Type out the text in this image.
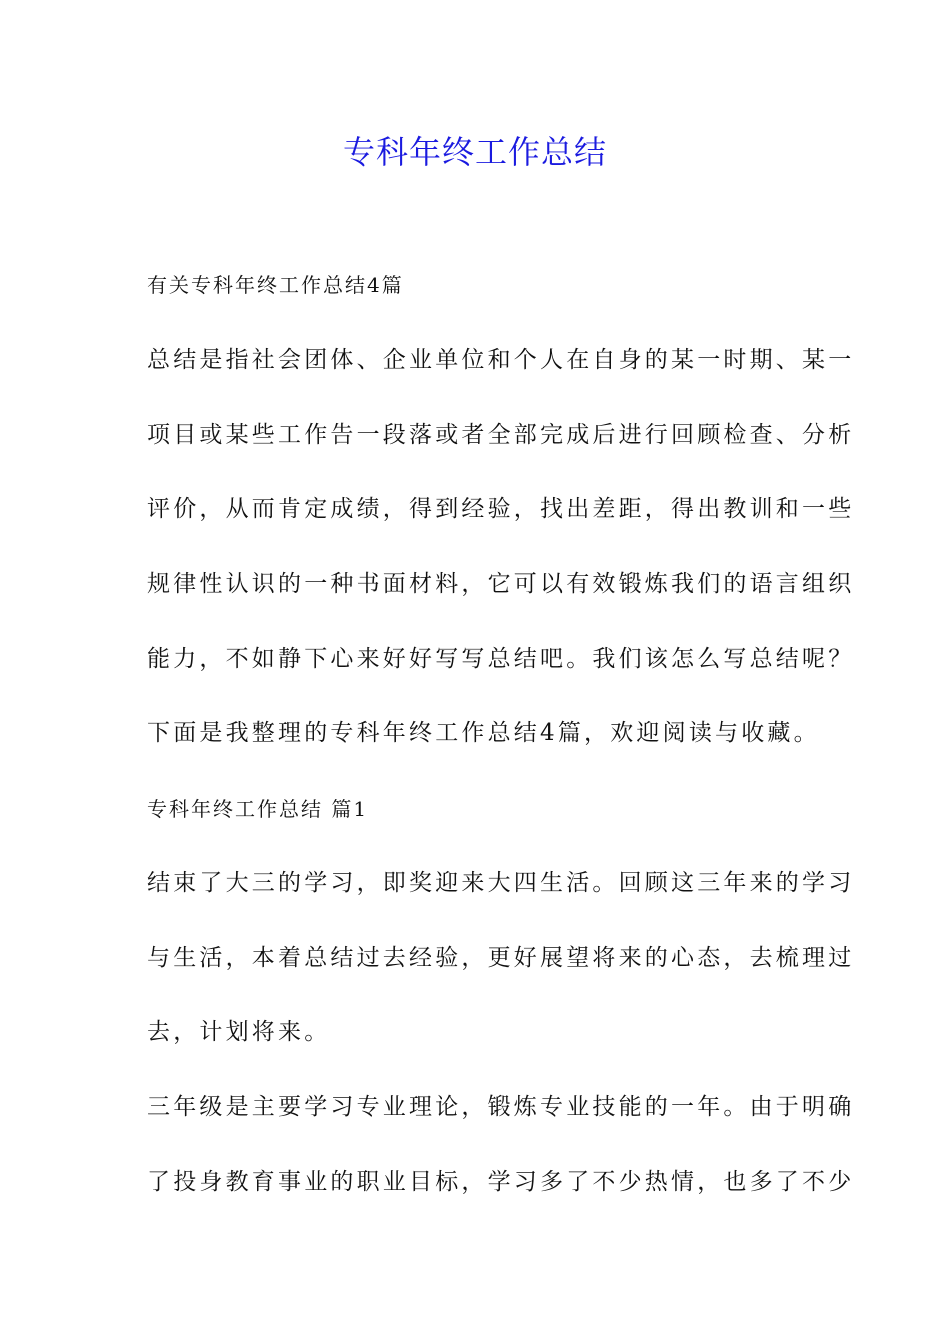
专科年终工作总结
有关专科年终工作总结4篇
总结是指社会团体、企业单位和个人在自身的某一时期、某一
项目或某些工作告一段落或者全部完成后进行回顾检查、分析
评价，从而肯定成绩，得到经验，找出差距，得出教训和一些
规律性认识的一种书面材料，它可以有效锻炼我们的语言组织
能力，不如静下心来好好写写总结吧。我们该怎么写总结呢？
下面是我整理的专科年终工作总结4篇，欢迎阅读与收藏。
专科年终工作总结 篇1
结束了大三的学习，即奖迎来大四生活。回顾这三年来的学习
与生活，本着总结过去经验，更好展望将来的心态，去梳理过
去，计划将来。
三年级是主要学习专业理论，锻炼专业技能的一年。由于明确
了投身教育事业的职业目标，学习多了不少热情，也多了不少
